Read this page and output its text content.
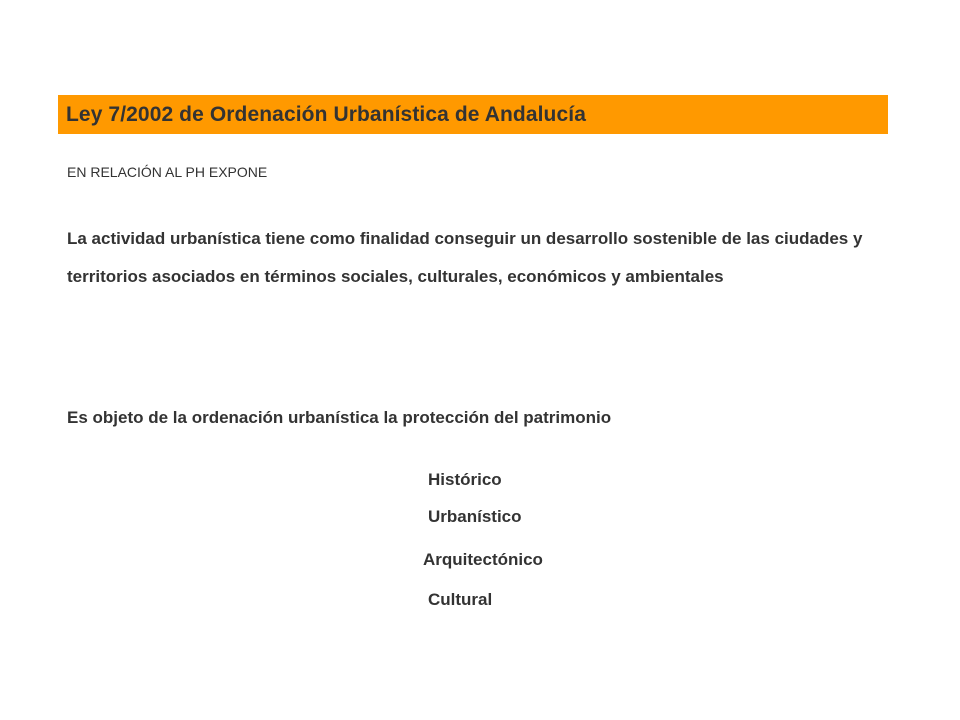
Ley 7/2002 de Ordenación Urbanística de Andalucía
EN RELACIÓN AL PH EXPONE

La actividad urbanística tiene como finalidad conseguir un desarrollo sostenible de las ciudades y territorios asociados en términos sociales, culturales, económicos y ambientales

Es objeto de la ordenación urbanística la protección del patrimonio
Histórico
Urbanístico
Arquitectónico
Cultural
